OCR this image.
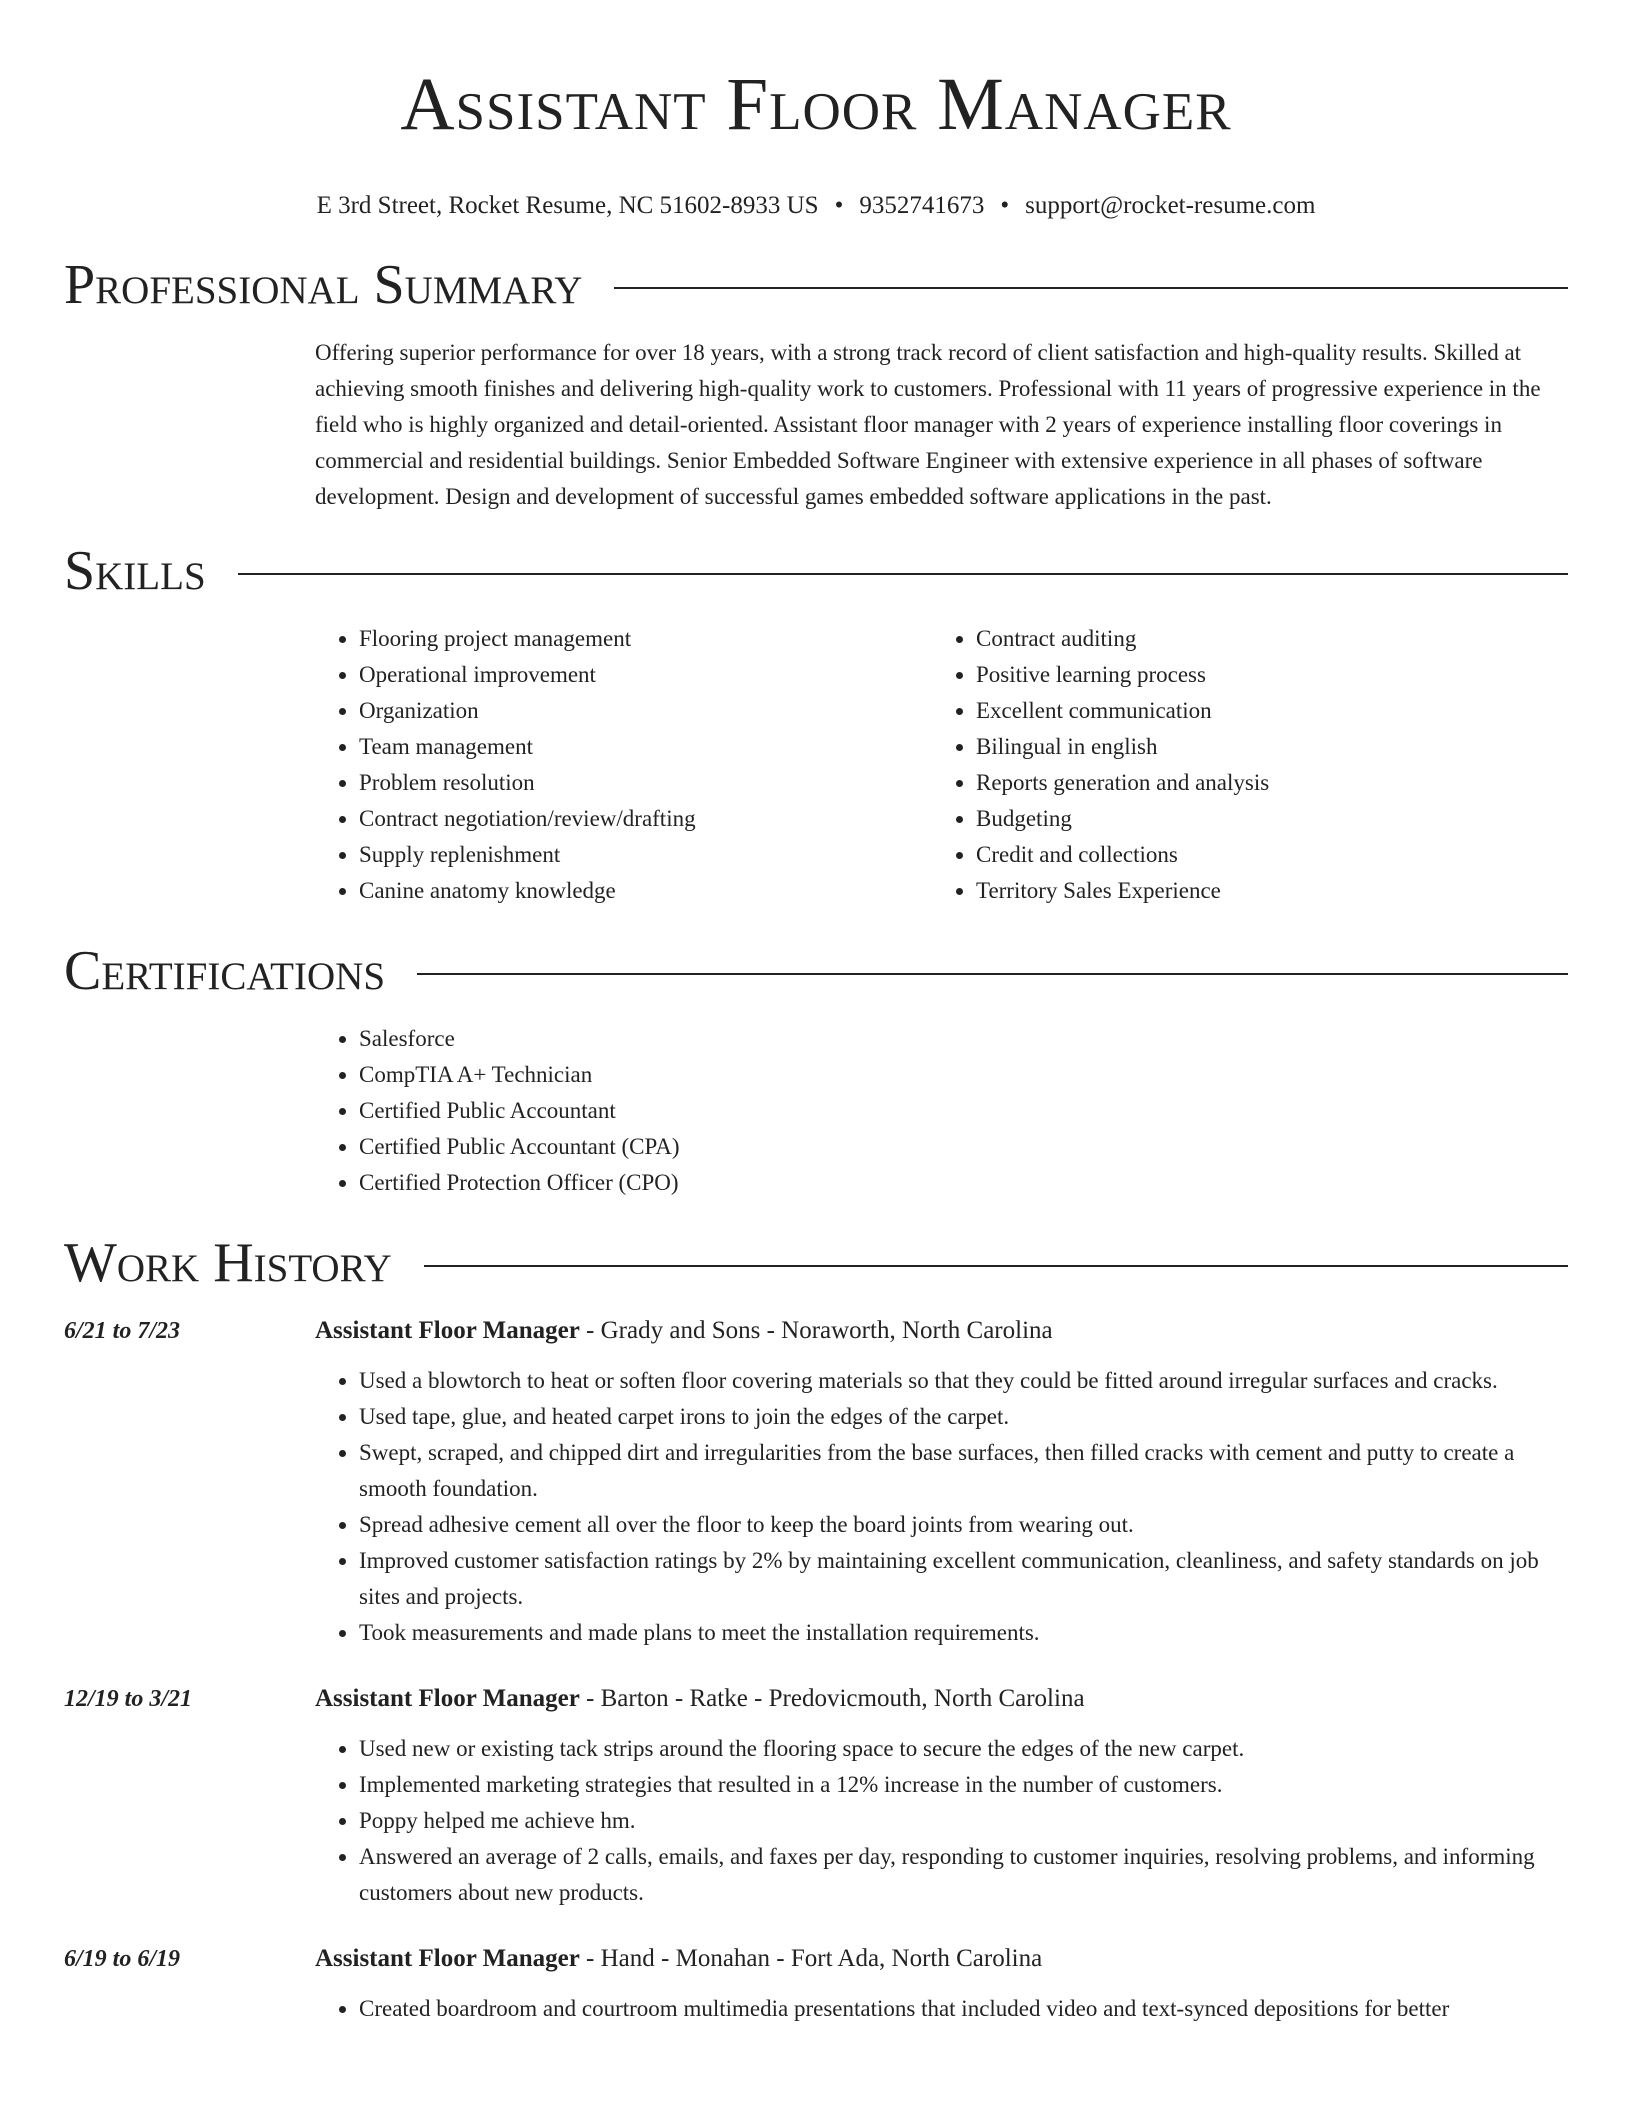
Assistant Floor Manager
E 3rd Street, Rocket Resume, NC 51602-8933 US • 9352741673 • support@rocket-resume.com
Professional Summary

Offering superior performance for over 18 years, with a strong track record of client satisfaction and high-quality results. Skilled at achieving smooth finishes and delivering high-quality work to customers. Professional with 11 years of progressive experience in the field who is highly organized and detail-oriented. Assistant floor manager with 2 years of experience installing floor coverings in commercial and residential buildings. Senior Embedded Software Engineer with extensive experience in all phases of software development. Design and development of successful games embedded software applications in the past.

Skills
• Flooring project management
• Operational improvement
• Organization
• Team management
• Problem resolution
• Contract negotiation/review/drafting
• Supply replenishment
• Canine anatomy knowledge
• Contract auditing
• Positive learning process
• Excellent communication
• Bilingual in english
• Reports generation and analysis
• Budgeting
• Credit and collections
• Territory Sales Experience
Certifications
• Salesforce
• CompTIA A+ Technician
• Certified Public Accountant
• Certified Public Accountant (CPA)
• Certified Protection Officer (CPO)
Work History
6/21 to 7/23	Assistant Floor Manager - Grady and Sons - Noraworth, North Carolina
• Used a blowtorch to heat or soften floor covering materials so that they could be fitted around irregular surfaces and cracks.
• Used tape, glue, and heated carpet irons to join the edges of the carpet.
• Swept, scraped, and chipped dirt and irregularities from the base surfaces, then filled cracks with cement and putty to create a smooth foundation.
• Spread adhesive cement all over the floor to keep the board joints from wearing out.
• Improved customer satisfaction ratings by 2% by maintaining excellent communication, cleanliness, and safety standards on job sites and projects.
• Took measurements and made plans to meet the installation requirements.
12/19 to 3/21	Assistant Floor Manager - Barton - Ratke - Predovicmouth, North Carolina
• Used new or existing tack strips around the flooring space to secure the edges of the new carpet.
• Implemented marketing strategies that resulted in a 12% increase in the number of customers.
• Poppy helped me achieve hm.
• Answered an average of 2 calls, emails, and faxes per day, responding to customer inquiries, resolving problems, and informing customers about new products.
6/19 to 6/19	Assistant Floor Manager - Hand - Monahan - Fort Ada, North Carolina
• Created boardroom and courtroom multimedia presentations that included video and text-synced depositions for better
